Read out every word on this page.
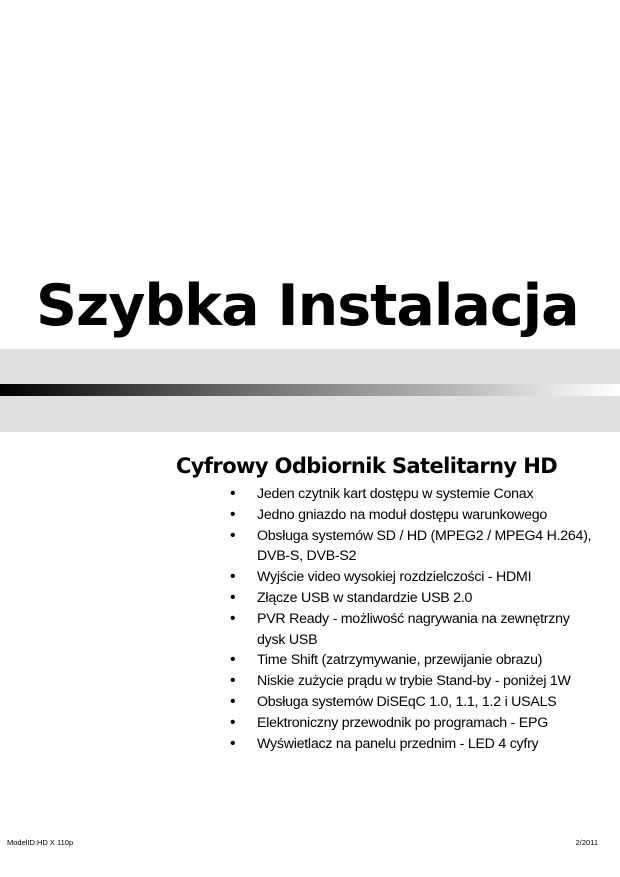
Szybka Instalacja
Cyfrowy Odbiornik Satelitarny HD
• Jeden czytnik kart dostępu w systemie Conax
• Jedno gniazdo na moduł dostępu warunkowego
• Obsługa systemów SD / HD (MPEG2 / MPEG4 H.264), DVB-S, DVB-S2
• Wyjście video wysokiej rozdzielczości - HDMI
• Złącze USB w standardzie USB 2.0
• PVR Ready - możliwość nagrywania na zewnętrzny dysk USB
• Time Shift (zatrzymywanie, przewijanie obrazu)
• Niskie zużycie prądu w trybie Stand-by - poniżej 1W
• Obsługa systemów DiSEqC 1.0, 1.1, 1.2 i USALS
• Elektroniczny przewodnik po programach - EPG
• Wyświetlacz na panelu przednim - LED 4 cyfry
ModelID:HD X 110p	2/2011
